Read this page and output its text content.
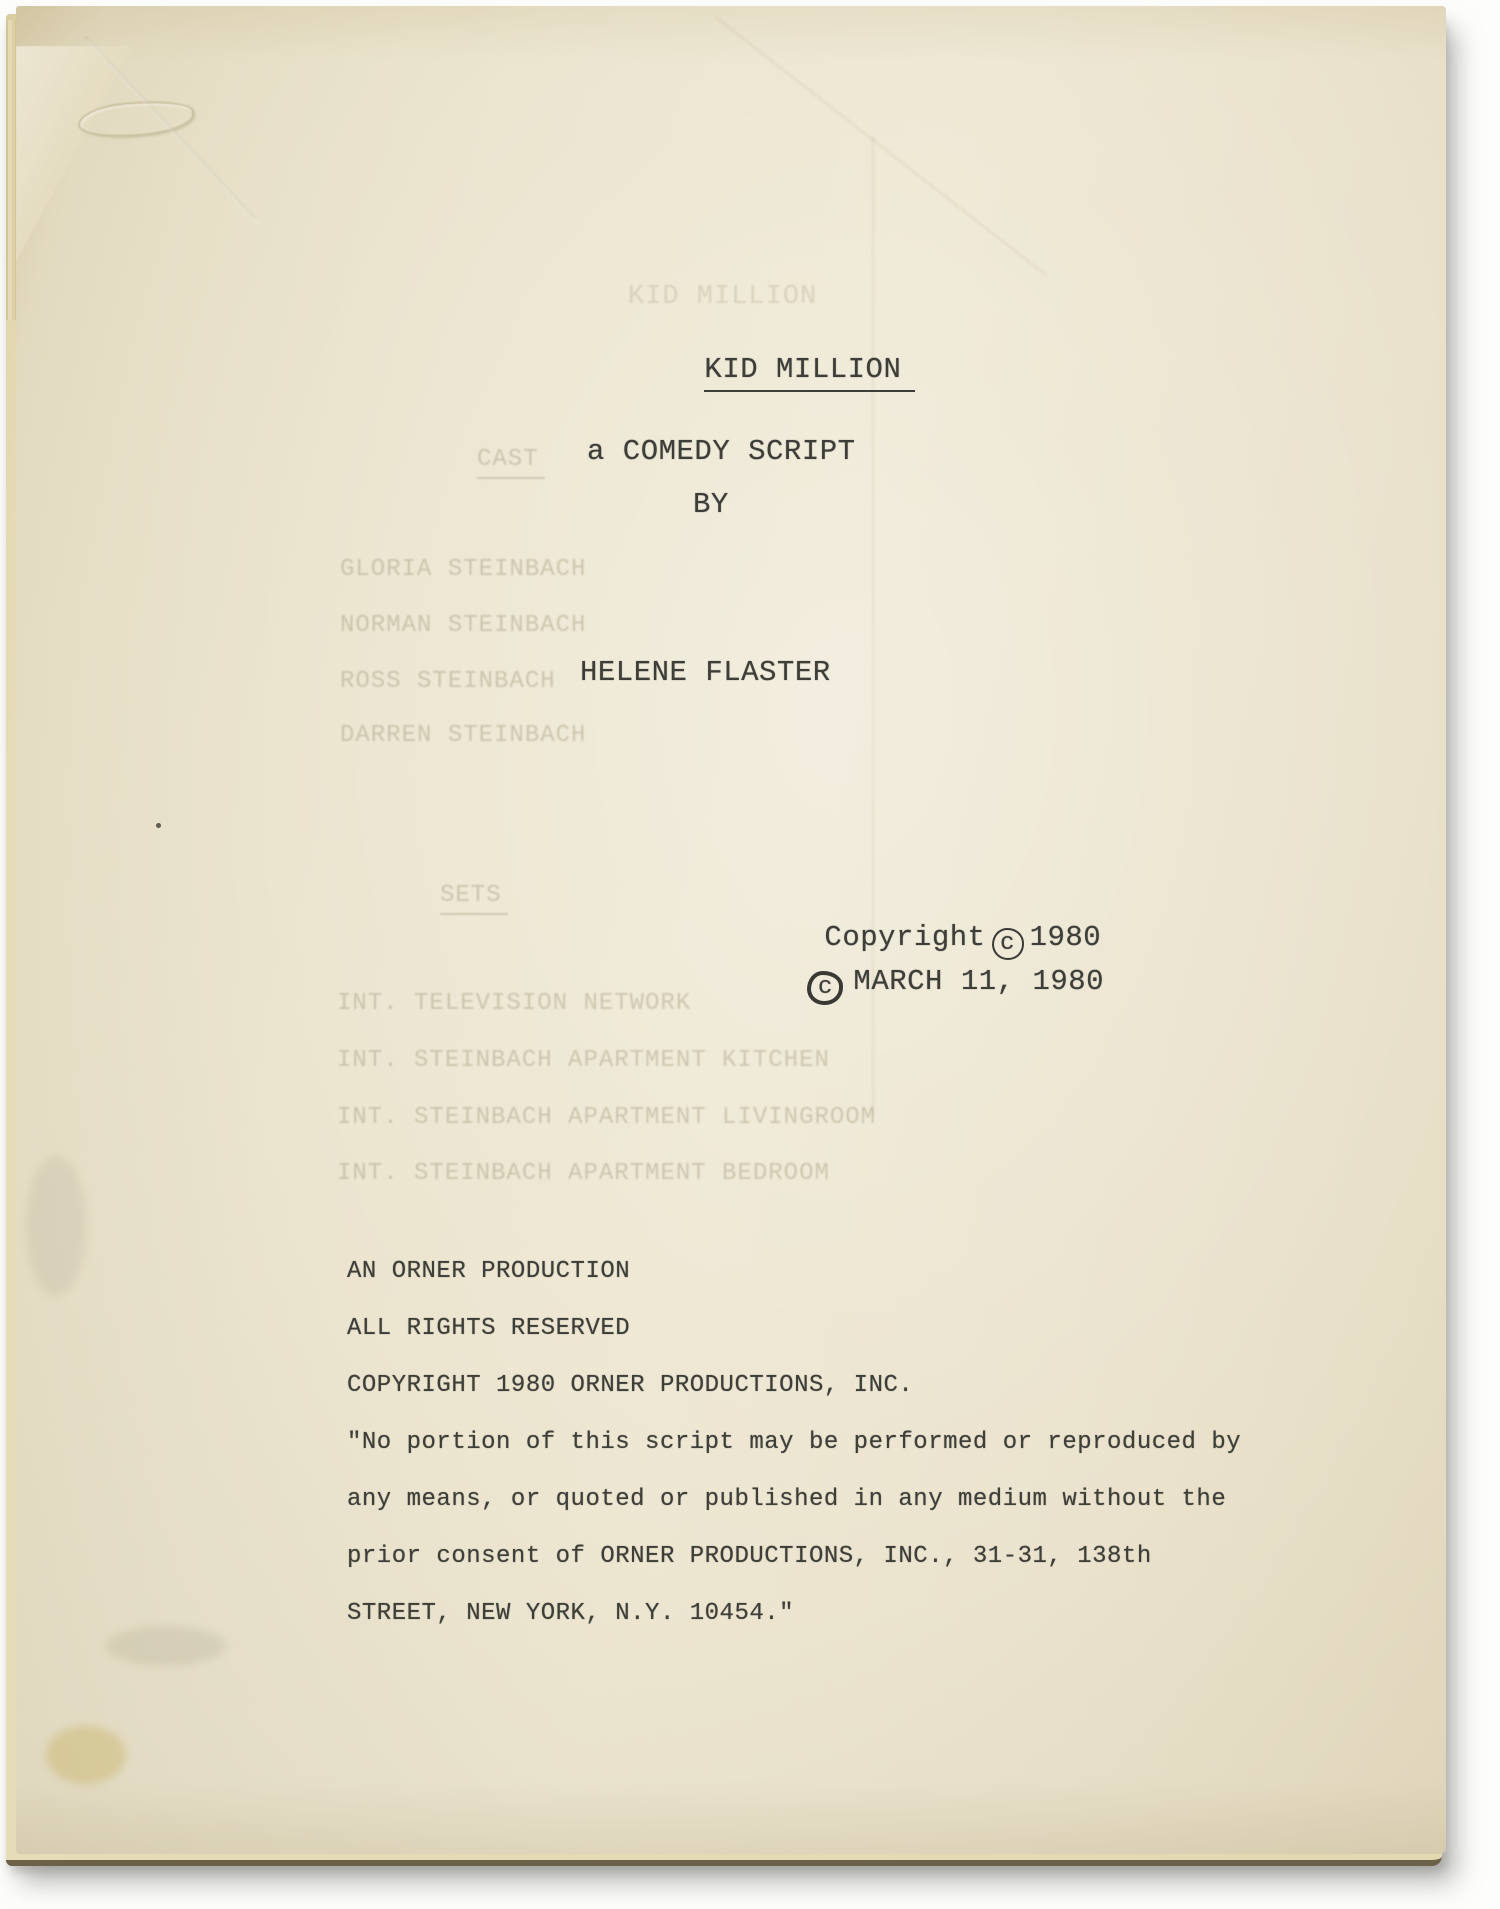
KID MILLION
CAST
GLORIA STEINBACH
NORMAN STEINBACH
ROSS STEINBACH
DARREN STEINBACH
SETS
INT. TELEVISION NETWORK
INT. STEINBACH APARTMENT KITCHEN
INT. STEINBACH APARTMENT LIVINGROOM
INT. STEINBACH APARTMENT BEDROOM

KID MILLION

a COMEDY SCRIPT
BY
HELENE FLASTER

Copyright c 1980

c MARCH 11, 1980

AN ORNER PRODUCTION
ALL RIGHTS RESERVED
COPYRIGHT 1980 ORNER PRODUCTIONS, INC.
"No portion of this script may be performed or reproduced by
any means, or quoted or published in any medium without the
prior consent of ORNER PRODUCTIONS, INC., 31-31, 138th
STREET, NEW YORK, N.Y. 10454."
